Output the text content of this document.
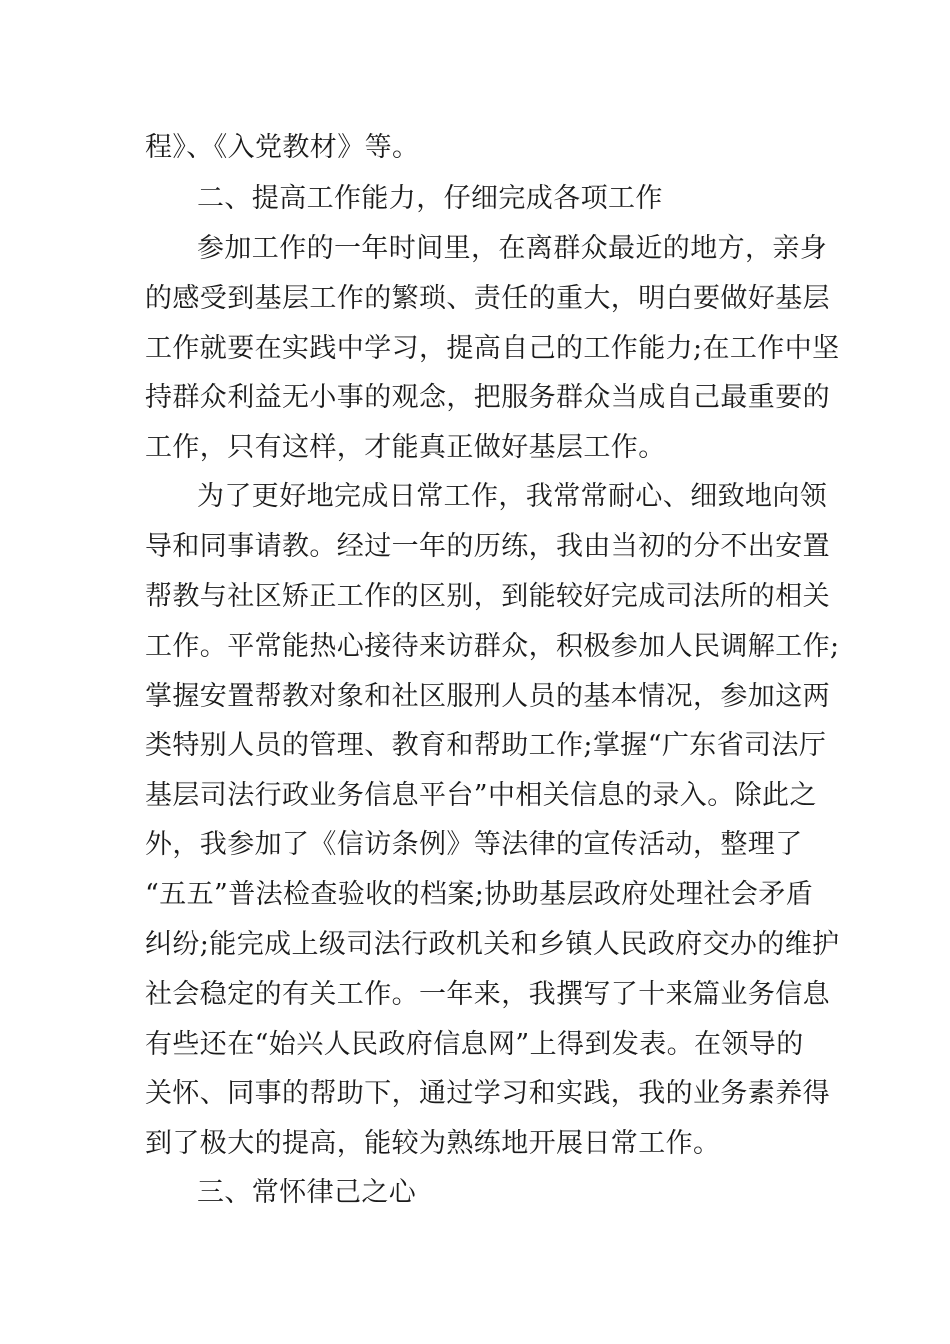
程》、《入党教材》等。
二、提高工作能力，仔细完成各项工作
参加工作的一年时间里，在离群众最近的地方，亲身
的感受到基层工作的繁琐、责任的重大，明白要做好基层
工作就要在实践中学习，提高自己的工作能力;在工作中坚
持群众利益无小事的观念，把服务群众当成自己最重要的
工作，只有这样，才能真正做好基层工作。
为了更好地完成日常工作，我常常耐心、细致地向领
导和同事请教。经过一年的历练，我由当初的分不出安置
帮教与社区矫正工作的区别，到能较好完成司法所的相关
工作。平常能热心接待来访群众，积极参加人民调解工作;
掌握安置帮教对象和社区服刑人员的基本情况，参加这两
类特别人员的管理、教育和帮助工作;掌握“广东省司法厅
基层司法行政业务信息平台”中相关信息的录入。除此之
外，我参加了《信访条例》等法律的宣传活动，整理了
“五五”普法检查验收的档案;协助基层政府处理社会矛盾
纠纷;能完成上级司法行政机关和乡镇人民政府交办的维护
社会稳定的有关工作。一年来，我撰写了十来篇业务信息
有些还在“始兴人民政府信息网”上得到发表。在领导的
关怀、同事的帮助下，通过学习和实践，我的业务素养得
到了极大的提高，能较为熟练地开展日常工作。
三、常怀律己之心
